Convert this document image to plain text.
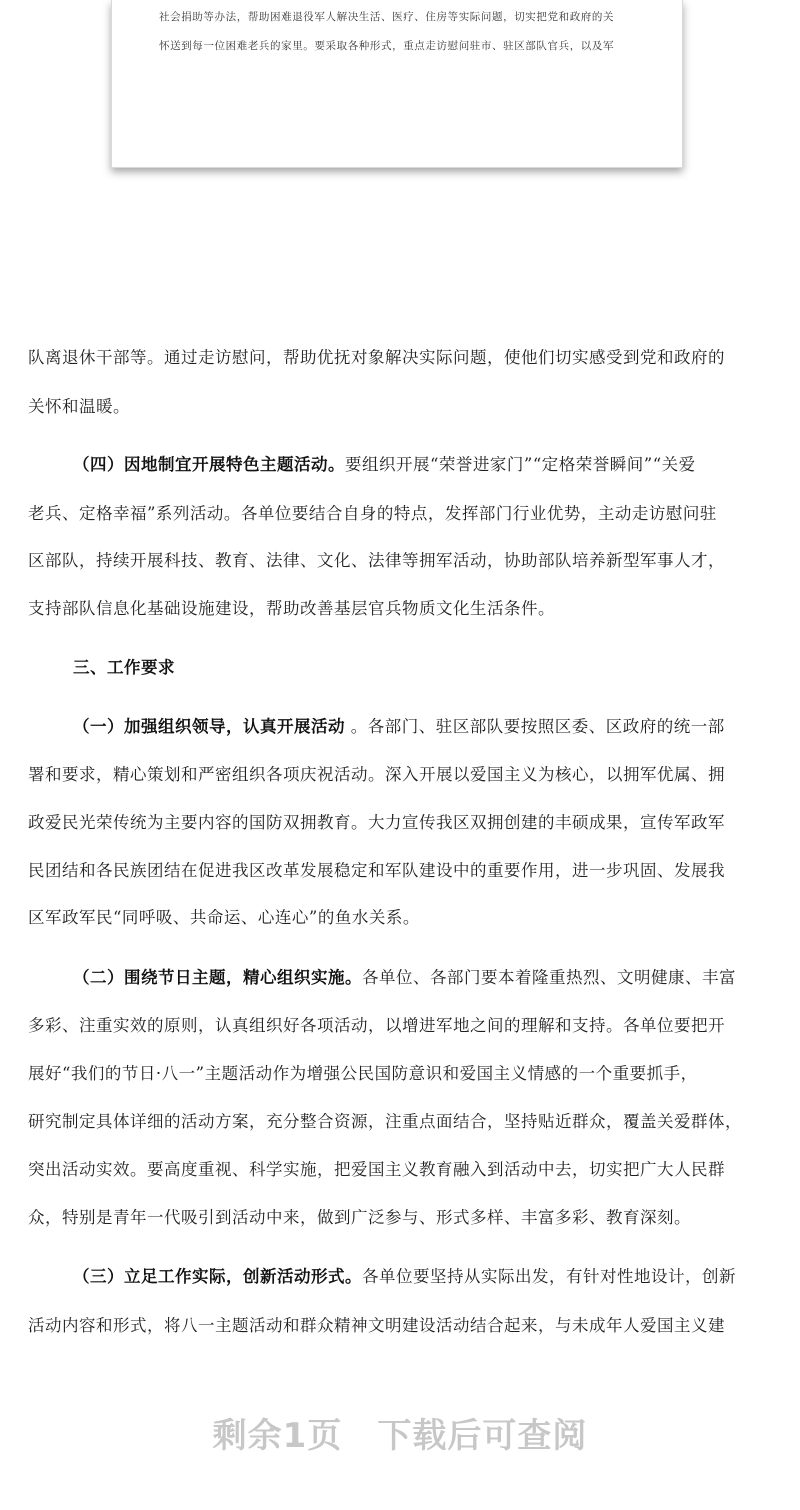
社会捐助等办法，帮助困难退役军人解决生活、医疗、住房等实际问题，切实把党和政府的关
怀送到每一位困难老兵的家里。要采取各种形式，重点走访慰问驻市、驻区部队官兵，以及军
队离退休干部等。通过走访慰问，帮助优抚对象解决实际问题，使他们切实感受到党和政府的
关怀和温暖。
（四）因地制宜开展特色主题活动。要组织开展“荣誉进家门”“定格荣誉瞬间”“关爱
老兵、定格幸福”系列活动。各单位要结合自身的特点，发挥部门行业优势，主动走访慰问驻
区部队，持续开展科技、教育、法律、文化、法律等拥军活动，协助部队培养新型军事人才，
支持部队信息化基础设施建设，帮助改善基层官兵物质文化生活条件。
三、工作要求
（一）加强组织领导，认真开展活动 。各部门、驻区部队要按照区委、区政府的统一部
署和要求，精心策划和严密组织各项庆祝活动。深入开展以爱国主义为核心，以拥军优属、拥
政爱民光荣传统为主要内容的国防双拥教育。大力宣传我区双拥创建的丰硕成果，宣传军政军
民团结和各民族团结在促进我区改革发展稳定和军队建设中的重要作用，进一步巩固、发展我
区军政军民“同呼吸、共命运、心连心”的鱼水关系。
（二）围绕节日主题，精心组织实施。各单位、各部门要本着隆重热烈、文明健康、丰富
多彩、注重实效的原则，认真组织好各项活动，以增进军地之间的理解和支持。各单位要把开
展好“我们的节日·八一”主题活动作为增强公民国防意识和爱国主义情感的一个重要抓手，
研究制定具体详细的活动方案，充分整合资源，注重点面结合，坚持贴近群众，覆盖关爱群体，
突出活动实效。要高度重视、科学实施，把爱国主义教育融入到活动中去，切实把广大人民群
众，特别是青年一代吸引到活动中来，做到广泛参与、形式多样、丰富多彩、教育深刻。
（三）立足工作实际，创新活动形式。各单位要坚持从实际出发，有针对性地设计，创新
活动内容和形式，将八一主题活动和群众精神文明建设活动结合起来，与未成年人爱国主义建
剩余1页　下载后可查阅
